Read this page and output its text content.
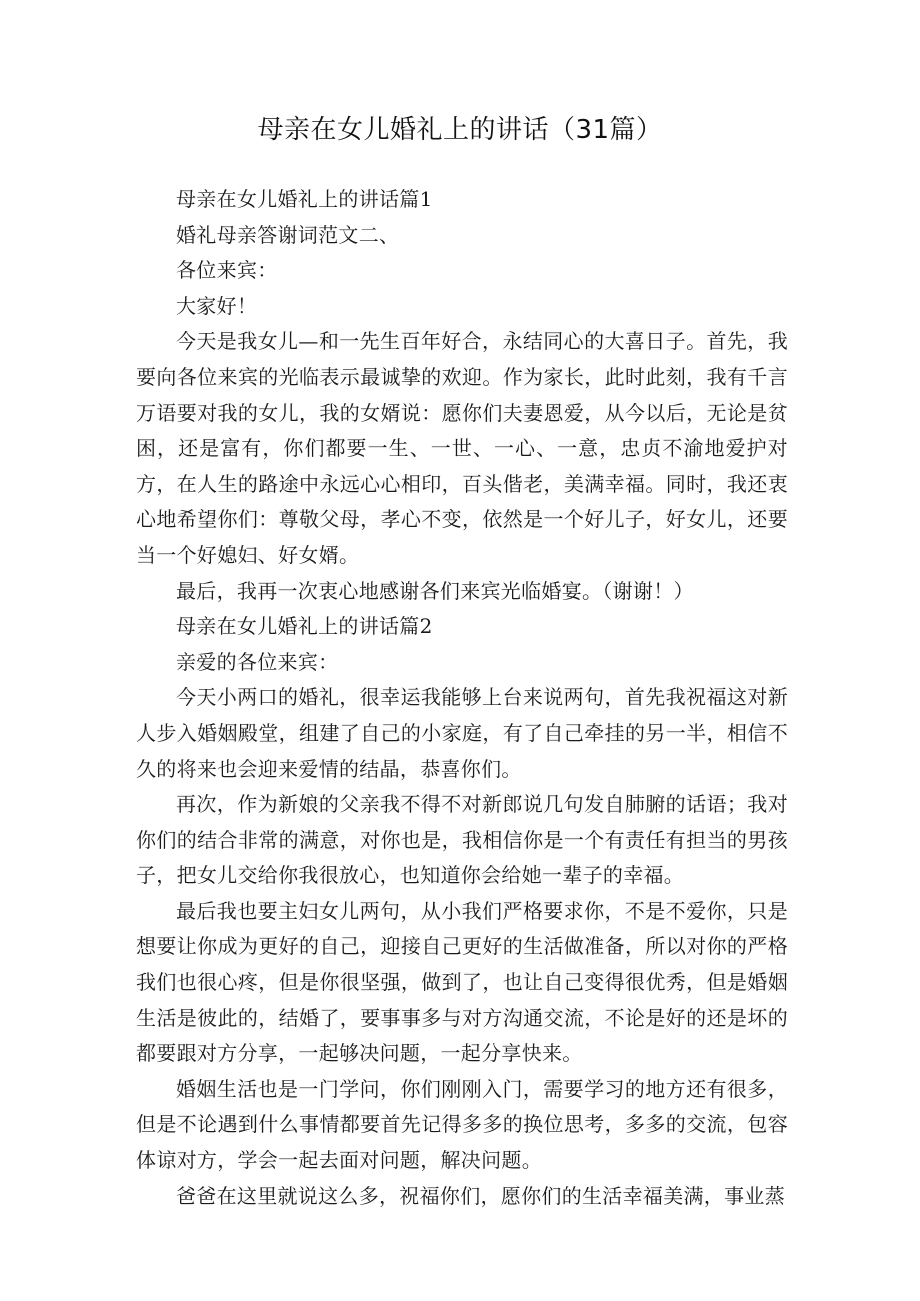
母亲在女儿婚礼上的讲话（31篇）

母亲在女儿婚礼上的讲话篇1

婚礼母亲答谢词范文二、

各位来宾：

大家好！

今天是我女儿—和一先生百年好合，永结同心的大喜日子。首先，我要向各位来宾的光临表示最诚挚的欢迎。作为家长，此时此刻，我有千言万语要对我的女儿，我的女婿说：愿你们夫妻恩爱，从今以后，无论是贫困，还是富有，你们都要一生、一世、一心、一意，忠贞不渝地爱护对方，在人生的路途中永远心心相印，百头偕老，美满幸福。同时，我还衷心地希望你们：尊敬父母，孝心不变，依然是一个好儿子，好女儿，还要当一个好媳妇、好女婿。

最后，我再一次衷心地感谢各们来宾光临婚宴。（谢谢！）

母亲在女儿婚礼上的讲话篇2

亲爱的各位来宾：

今天小两口的婚礼，很幸运我能够上台来说两句，首先我祝福这对新人步入婚姻殿堂，组建了自己的小家庭，有了自己牵挂的另一半，相信不久的将来也会迎来爱情的结晶，恭喜你们。

再次，作为新娘的父亲我不得不对新郎说几句发自肺腑的话语；我对你们的结合非常的满意，对你也是，我相信你是一个有责任有担当的男孩子，把女儿交给你我很放心，也知道你会给她一辈子的幸福。

最后我也要主妇女儿两句，从小我们严格要求你，不是不爱你，只是想要让你成为更好的自己，迎接自己更好的生活做准备，所以对你的严格我们也很心疼，但是你很坚强，做到了，也让自己变得很优秀，但是婚姻生活是彼此的，结婚了，要事事多与对方沟通交流，不论是好的还是坏的都要跟对方分享，一起够决问题，一起分享快来。

婚姻生活也是一门学问，你们刚刚入门，需要学习的地方还有很多，但是不论遇到什么事情都要首先记得多多的换位思考，多多的交流，包容体谅对方，学会一起去面对问题，解决问题。

爸爸在这里就说这么多，祝福你们，愿你们的生活幸福美满，事业蒸
